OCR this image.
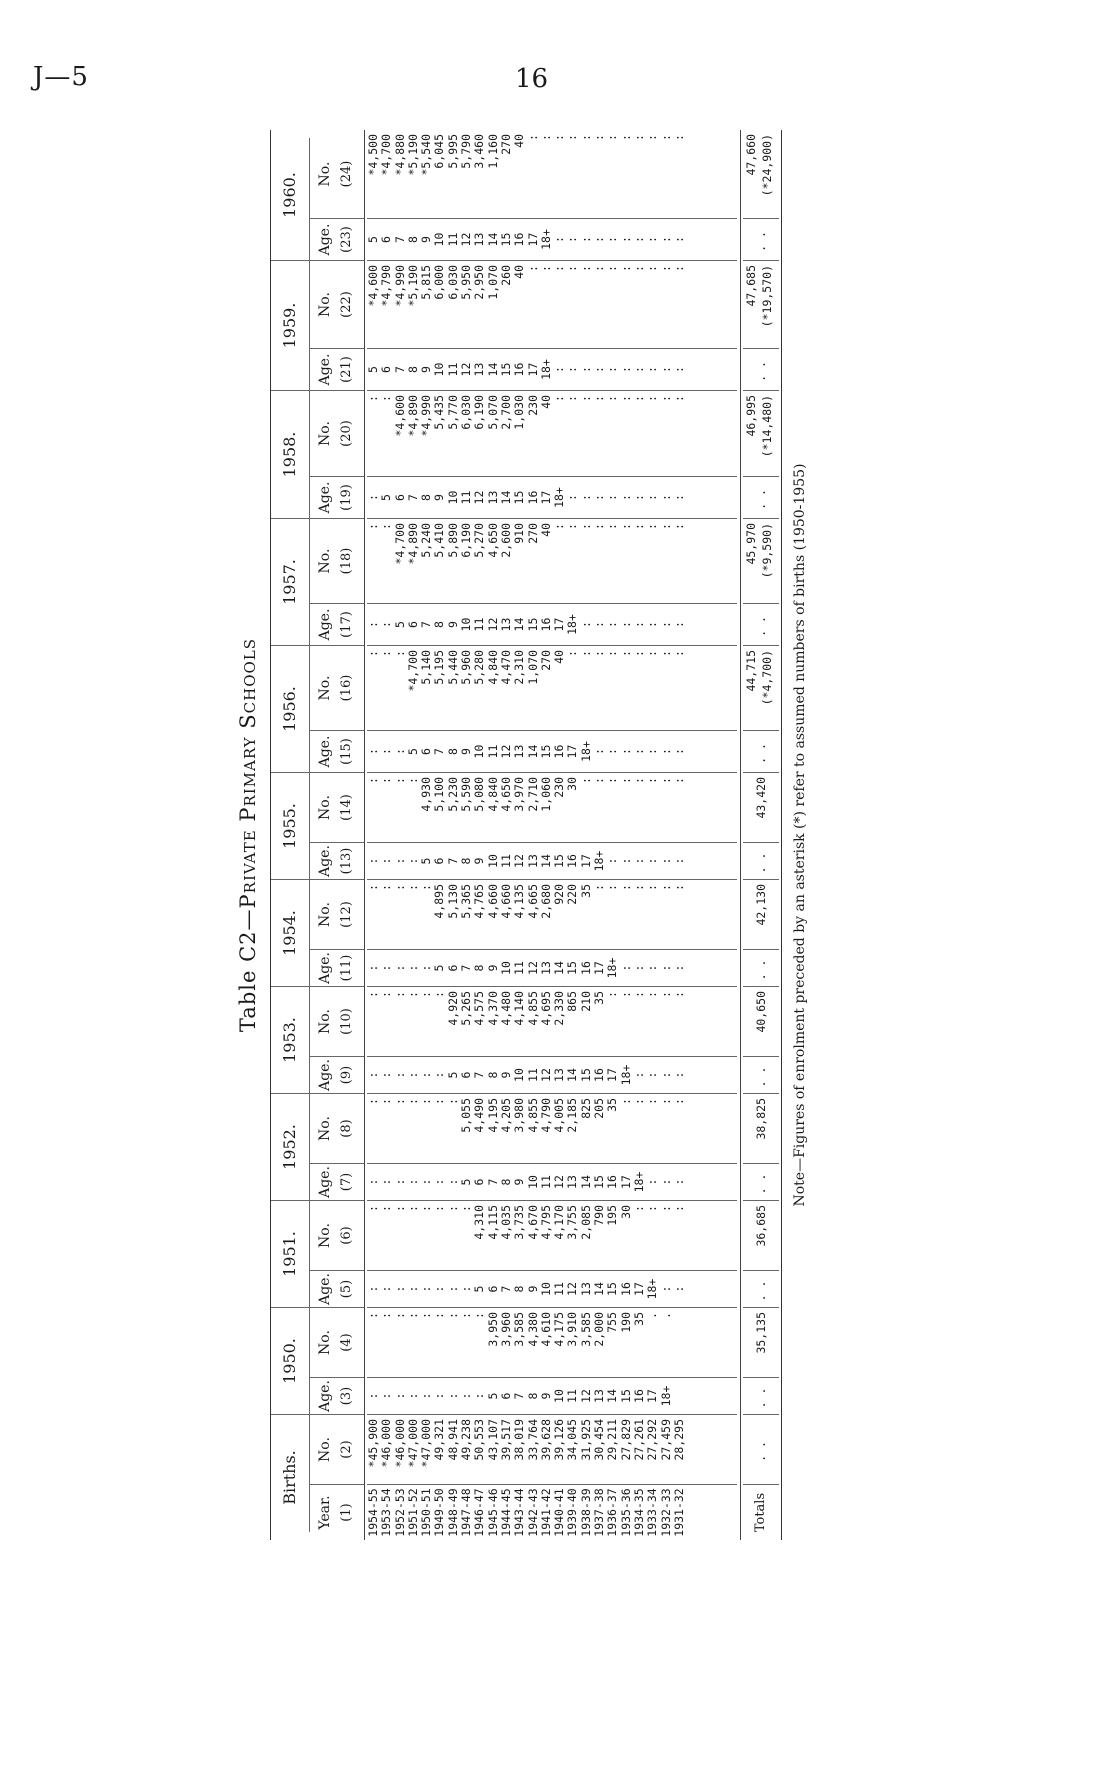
J—5	16
Table C2—Private Primary Schools
Births.
1950.
1951.
1952.
1953.
1954.
1955.
1956.
1957.
1958.
1959.
1960.
Year. (1)
No. (2)
Age. (3)
No. (4)
Age. (5)
No. (6)
Age. (7)
No. (8)
Age. (9)
No. (10)
Age. (11)
No. (12)
Age. (13)
No. (14)
Age. (15)
No. (16)
Age. (17)
No. (18)
Age. (19)
No. (20)
Age. (21)
No. (22)
Age. (23)
No. (24)
1954-55 1953-54 1952-53 1951-52 1950-51 1949-50 1948-49 1947-48 1946-47 1945-46 1944-45 1943-44 1942-43 1941-42 1940-41 1939-40 1938-39 1937-38 1936-37 1935-36 1934-35 1933-34 1932-33 1931-32
*45,900 *46,000 *46,000 *47,000 *47,000 49,321 48,941 49,238 50,553 43,107 39,517 38,019 33,764 39,628 39,126 34,045 31,925 30,454 29,211 27,829 27,261 27,292 27,459 28,295
: : : : : : : : : 5 6 7 8 9 10 11 12 13 14 15 16 17 18+

: : : : : : : : : 3,950 3,960 3,585 4,380 4,610 4,175 3,910 3,585 2,000 755 190 35 . .

: : : : : : : : 5 6 7 8 9 10 11 12 13 14 15 16 17 18+ : :
: : : : : : : : 4,310 4,115 4,035 3,735 4,670 4,795 4,170 3,755 2,085 790 195 30 : : : :
: : : : : : : 5 6 7 8 9 10 11 12 13 14 15 16 17 18+ : : :
: : : : : : : 5,055 4,490 4,195 4,205 3,980 4,855 4,790 4,005 2,185 825 205 35 : : : : :
: : : : : : 5 6 7 8 9 10 11 12 13 14 15 16 17 18+ : : : :
: : : : : : 4,920 5,265 4,575 4,370 4,480 4,140 4,855 4,695 2,330 865 210 35 : : : : : :
: : : : : 5 6 7 8 9 10 11 12 13 14 15 16 17 18+ : : : : :
: : : : : 4,895 5,130 5,365 4,765 4,660 4,660 4,135 4,665 2,680 920 220 35 : : : : : : :
: : : : 5 6 7 8 9 10 11 12 13 14 15 16 17 18+ : : : : : :
: : : : 4,930 5,100 5,230 5,590 5,080 4,840 4,650 3,970 2,710 1,060 230 30 : : : : : : : :
: : : 5 6 7 8 9 10 11 12 13 14 15 16 17 18+ : : : : : : :
: : : *4,700 5,140 5,195 5,440 5,960 5,280 4,840 4,470 2,310 1,070 270 40 : : : : : : : : :
: : 5 6 7 8 9 10 11 12 13 14 15 16 17 18+ : : : : : : : :
: : *4,700 *4,890 5,240 5,410 5,890 6,190 5,270 4,650 2,600 910 270 40 : : : : : : : : : :
: 5 6 7 8 9 10 11 12 13 14 15 16 17 18+ : : : : : : : : :
: : *4,600 *4,890 *4,990 5,435 5,770 6,030 6,190 5,070 2,700 1,030 230 40 : : : : : : : : : :
5 6 7 8 9 10 11 12 13 14 15 16 17 18+ : : : : : : : : : :
*4,600 *4,790 *4,990 *5,190 5,815 6,000 6,030 5,950 2,950 1,070 260 40 : : : : : : : : : : : :
5 6 7 8 9 10 11 12 13 14 15 16 17 18+ : : : : : : : : : :
*4,500 *4,700 *4,880 *5,190 *5,540 6,045 5,995 5,790 3,460 1,160 270 40 : : : : : : : : : : : :
Totals
. .
. .
35,135
. .
36,685
. .
38,825
. .
40,650
. .
42,130
. .
43,420
. .
44,715 (*4,700)
. .
45,970 (*9,590)
. .
46,995 (*14,480)
. .
47,685 (*19,570)
. .
47,660 (*24,900)
Note—Figures of enrolment preceded by an asterisk (*) refer to assumed numbers of births (1950-1955)
